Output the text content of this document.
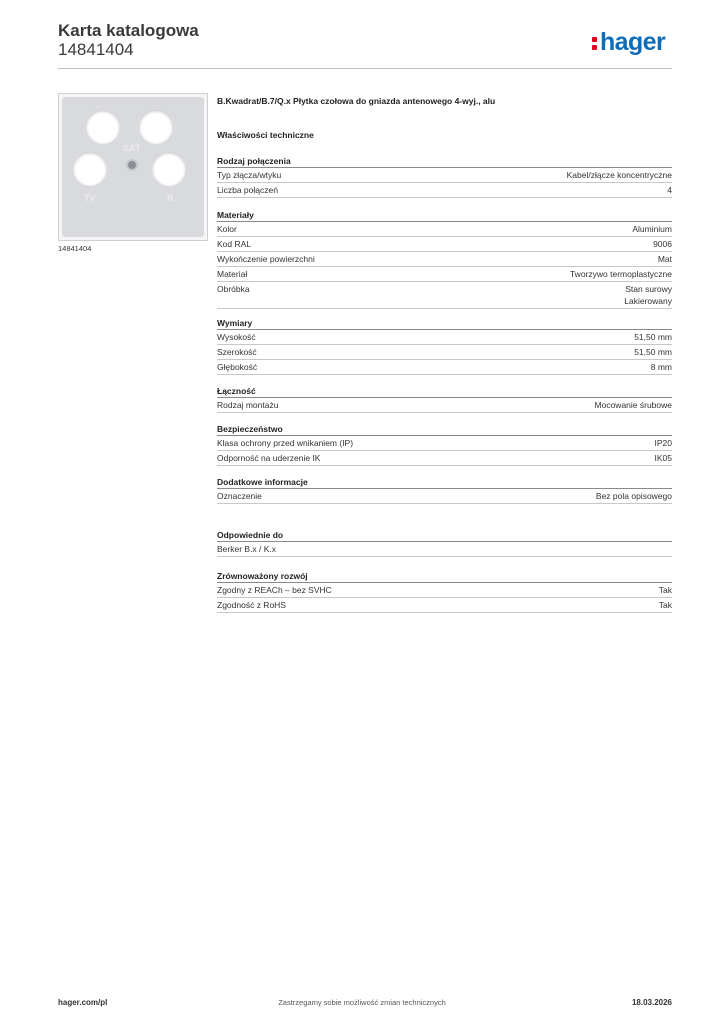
Karta katalogowa
14841404	hager
SAT
TV	R
14841404
B.Kwadrat/B.7/Q.x Płytka czołowa do gniazda antenowego 4-wyj., alu
Właściwości techniczne
Rodzaj połączenia
Typ złącza/wtyku	Kabel/złącze koncentryczne
Liczba połączeń	4
Materiały
Kolor	Aluminium
Kod RAL	9006
Wykończenie powierzchni	Mat
Materiał	Tworzywo termoplastyczne
Obróbka	Stan surowy
Lakierowany
Wymiary
Wysokość	51,50 mm
Szerokość	51,50 mm
Głębokość	8 mm
Łączność
Rodzaj montażu	Mocowanie śrubowe
Bezpieczeństwo
Klasa ochrony przed wnikaniem (IP)	IP20
Odporność na uderzenie IK	IK05
Dodatkowe informacje
Oznaczenie	Bez pola opisowego
Odpowiednie do
Berker B.x / K.x
Zrównoważony rozwój
Zgodny z REACh – bez SVHC	Tak
Zgodność z RoHS	Tak
Zastrzegamy sobie możliwość zmian technicznych
hager.com/pl	18.03.2026
